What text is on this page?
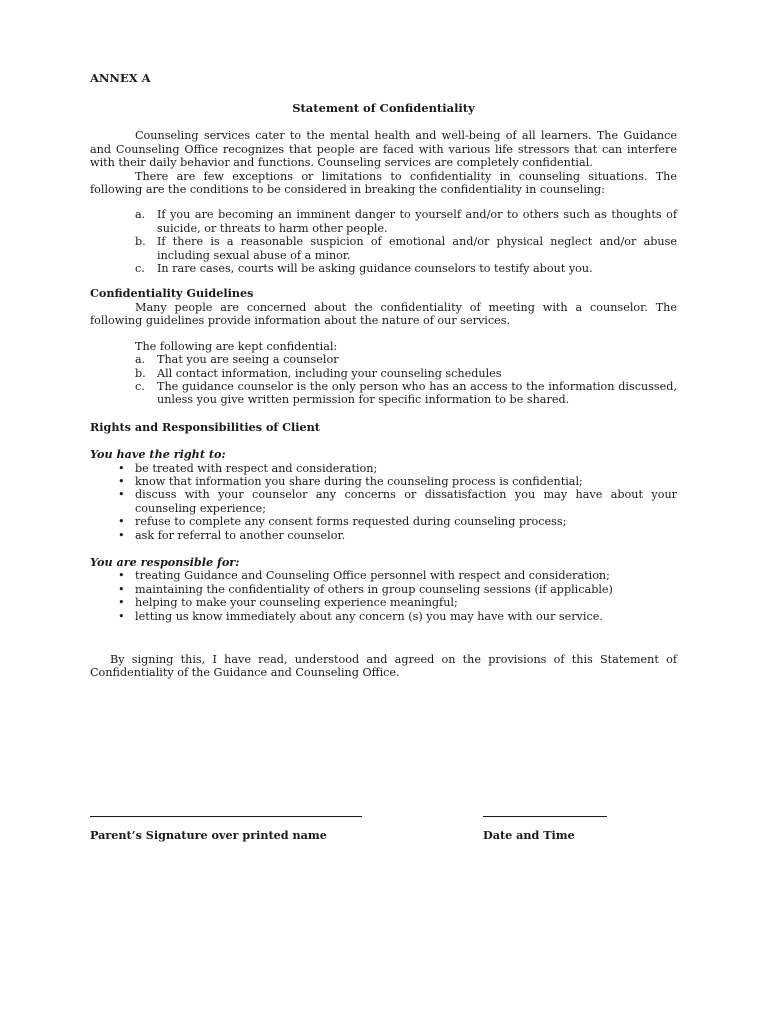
ANNEX A
Statement of Confidentiality

Counseling services cater to the mental health and well-being of all learners. The Guidance and Counseling Office recognizes that people are faced with various life stressors that can interfere with their daily behavior and functions. Counseling services are completely confidential.

There are few exceptions or limitations to confidentiality in counseling situations. The following are the conditions to be considered in breaking the confidentiality in counseling:

a.	If you are becoming an imminent danger to yourself and/or to others such as thoughts of suicide, or threats to harm other people.
b.	If there is a reasonable suspicion of emotional and/or physical neglect and/or abuse including sexual abuse of a minor.
c.	In rare cases, courts will be asking guidance counselors to testify about you.
Confidentiality Guidelines

Many people are concerned about the confidentiality of meeting with a counselor. The following guidelines provide information about the nature of our services.

The following are kept confidential:
a.	That you are seeing a counselor
b.	All contact information, including your counseling schedules
c.	The guidance counselor is the only person who has an access to the information discussed, unless you give written permission for specific information to be shared.
Rights and Responsibilities of Client
You have the right to:
• be treated with respect and consideration;
• know that information you share during the counseling process is confidential;
• discuss with your counselor any concerns or dissatisfaction you may have about your counseling experience;
• refuse to complete any consent forms requested during counseling process;
• ask for referral to another counselor.
You are responsible for:
• treating Guidance and Counseling Office personnel with respect and consideration;
• maintaining the confidentiality of others in group counseling sessions (if applicable)
• helping to make your counseling experience meaningful;
• letting us know immediately about any concern (s) you may have with our service.

By signing this, I have read, understood and agreed on the provisions of this Statement of Confidentiality of the Guidance and Counseling Office.

Parent’s Signature over printed name	Date and Time
